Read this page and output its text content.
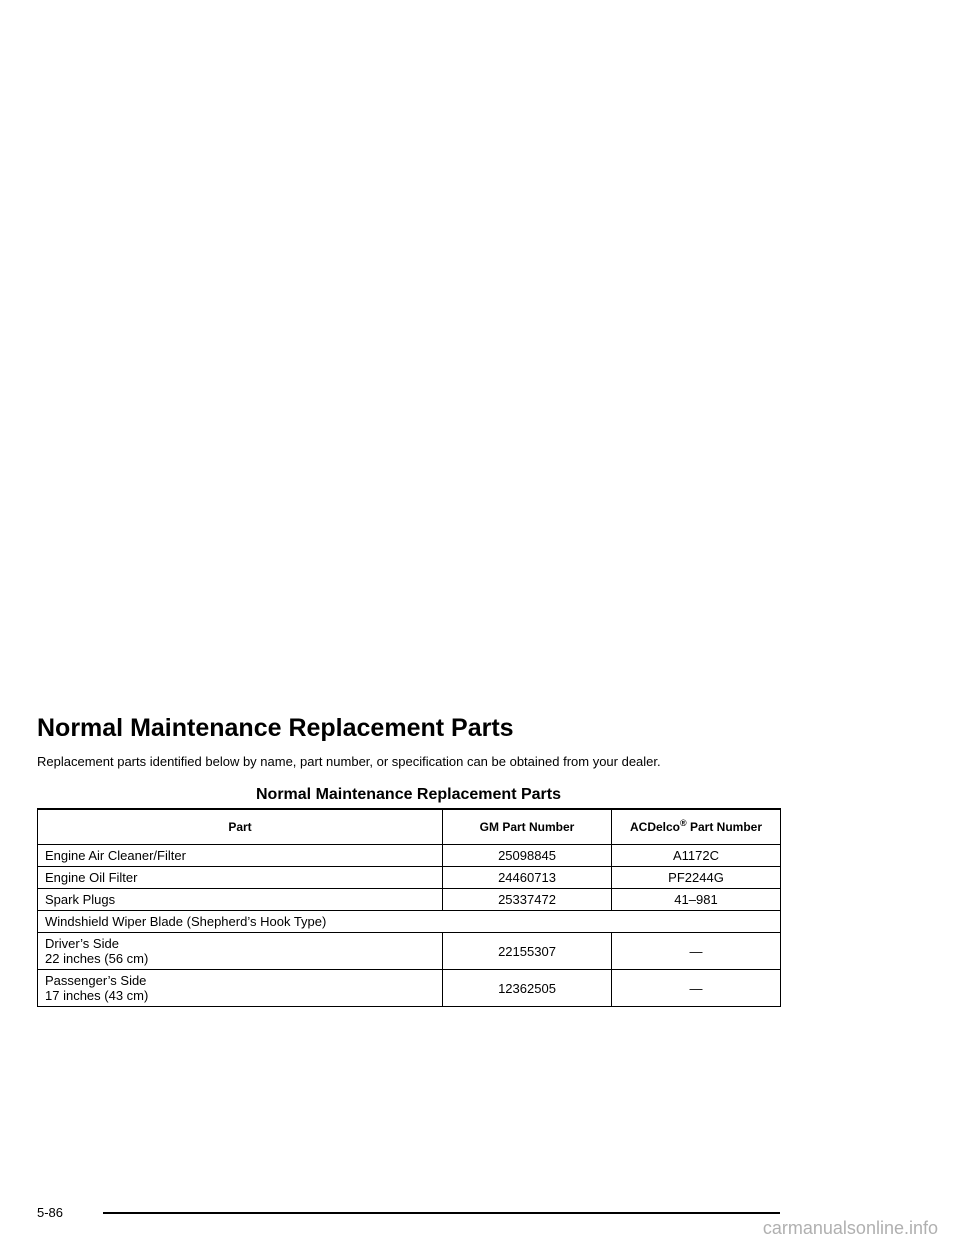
Normal Maintenance Replacement Parts

Replacement parts identified below by name, part number, or specification can be obtained from your dealer.

Normal Maintenance Replacement Parts
Part	GM Part Number	ACDelco® Part Number
Engine Air Cleaner/Filter	25098845	A1172C
Engine Oil Filter	24460713	PF2244G
Spark Plugs	25337472	41–981
Windshield Wiper Blade (Shepherd’s Hook Type)		

Driver’s Side
22 inches (56 cm)	22155307	—

Passenger’s Side
17 inches (43 cm)	12362505	—

5-86

carmanualsonline.info
